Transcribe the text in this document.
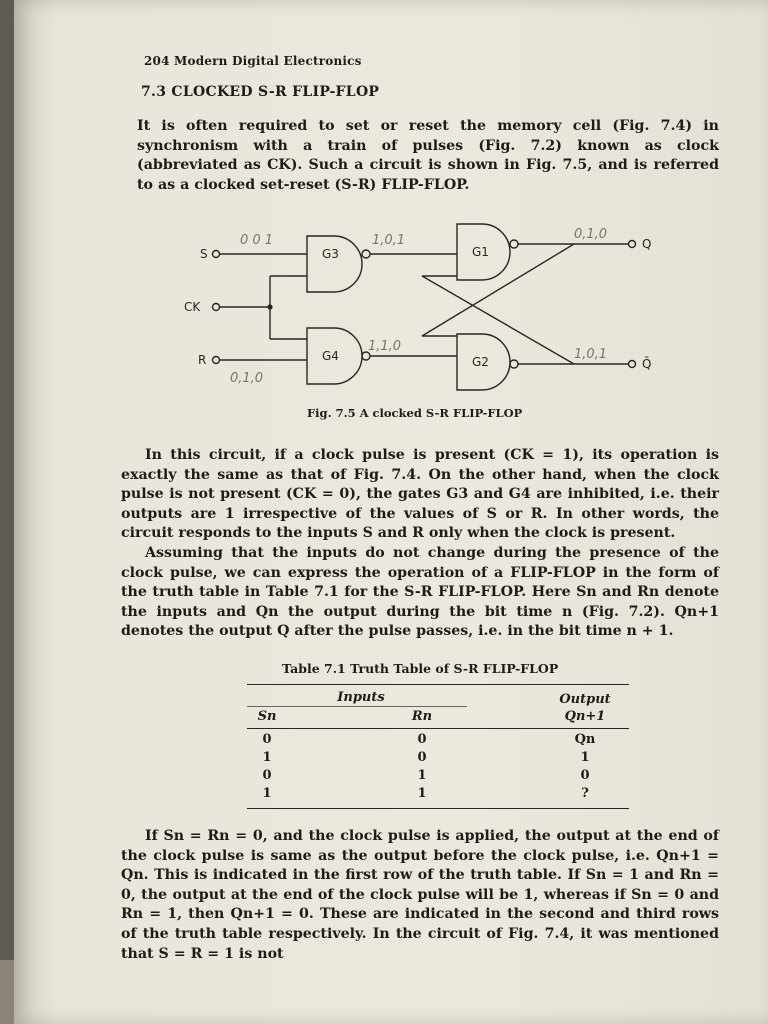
204 Modern Digital Electronics
7.3 CLOCKED S-R FLIP-FLOP

It is often required to set or reset the memory cell (Fig. 7.4) in synchronism with a train of pulses (Fig. 7.2) known as clock (abbreviated as CK). Such a circuit is shown in Fig. 7.5, and is referred to as a clocked set-reset (S-R) FLIP-FLOP.

S
CK
R
Q
Q̄
G3
G4
G1
G2
0 0 1	1,0,1	0,1,0
0,1,0
1,1,0
1,0,1
Fig. 7.5 A clocked S-R FLIP-FLOP

In this circuit, if a clock pulse is present (CK = 1), its operation is exactly the same as that of Fig. 7.4. On the other hand, when the clock pulse is not present (CK = 0), the gates G3 and G4 are inhibited, i.e. their outputs are 1 irrespective of the values of S or R. In other words, the circuit responds to the inputs S and R only when the clock is present.

Assuming that the inputs do not change during the presence of the clock pulse, we can express the operation of a FLIP-FLOP in the form of the truth table in Table 7.1 for the S-R FLIP-FLOP. Here Sn and Rn denote the inputs and Qn the output during the bit time n (Fig. 7.2). Qn+1 denotes the output Q after the pulse passes, i.e. in the bit time n + 1.

Table 7.1 Truth Table of S-R FLIP-FLOP
Inputs	Output
Sn	Rn	Qn+1
0	0	Qn
1	0	1
0	1	0
1	1	?

If Sn = Rn = 0, and the clock pulse is applied, the output at the end of the clock pulse is same as the output before the clock pulse, i.e. Qn+1 = Qn. This is indicated in the first row of the truth table. If Sn = 1 and Rn = 0, the output at the end of the clock pulse will be 1, whereas if Sn = 0 and Rn = 1, then Qn+1 = 0. These are indicated in the second and third rows of the truth table respectively. In the circuit of Fig. 7.4, it was mentioned that S = R = 1 is not
